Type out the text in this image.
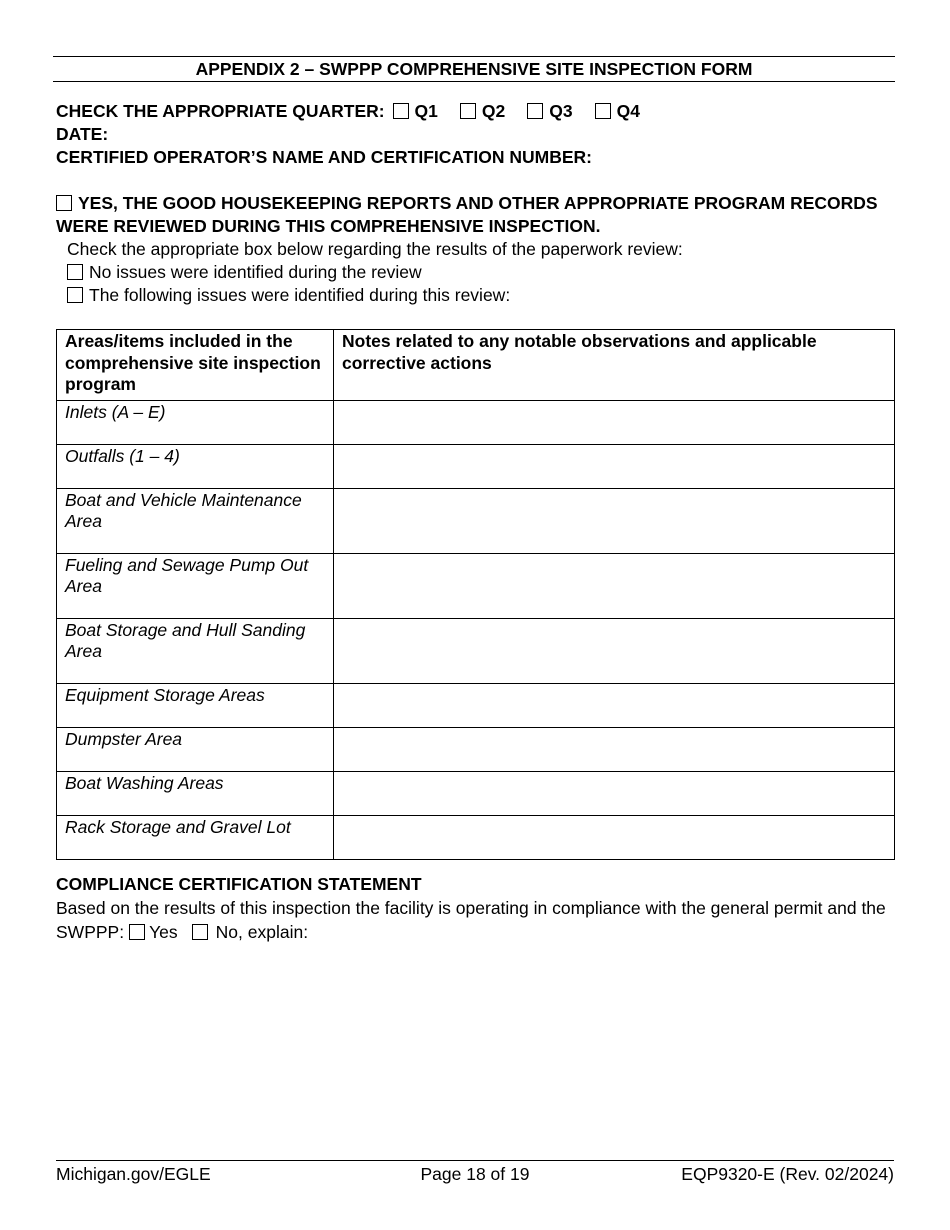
APPENDIX 2 – SWPPP COMPREHENSIVE SITE INSPECTION FORM
CHECK THE APPROPRIATE QUARTER: Q1	Q2	Q3	Q4
DATE:
CERTIFIED OPERATOR’S NAME AND CERTIFICATION NUMBER:
YES, THE GOOD HOUSEKEEPING REPORTS AND OTHER APPROPRIATE PROGRAM RECORDS WERE REVIEWED DURING THIS COMPREHENSIVE INSPECTION.
Check the appropriate box below regarding the results of the paperwork review:
No issues were identified during the review
The following issues were identified during this review:
Areas/items included in the comprehensive site inspection program	Notes related to any notable observations and applicable corrective actions
Inlets (A – E)	
Outfalls (1 – 4)	
Boat and Vehicle Maintenance Area	
Fueling and Sewage Pump Out Area	
Boat Storage and Hull Sanding Area	
Equipment Storage Areas	
Dumpster Area	
Boat Washing Areas	
Rack Storage and Gravel Lot	
COMPLIANCE CERTIFICATION STATEMENT
Based on the results of this inspection the facility is operating in compliance with the general permit and the SWPPP: Yes No, explain:
Michigan.gov/EGLE	Page 18 of 19	EQP9320-E (Rev. 02/2024)
